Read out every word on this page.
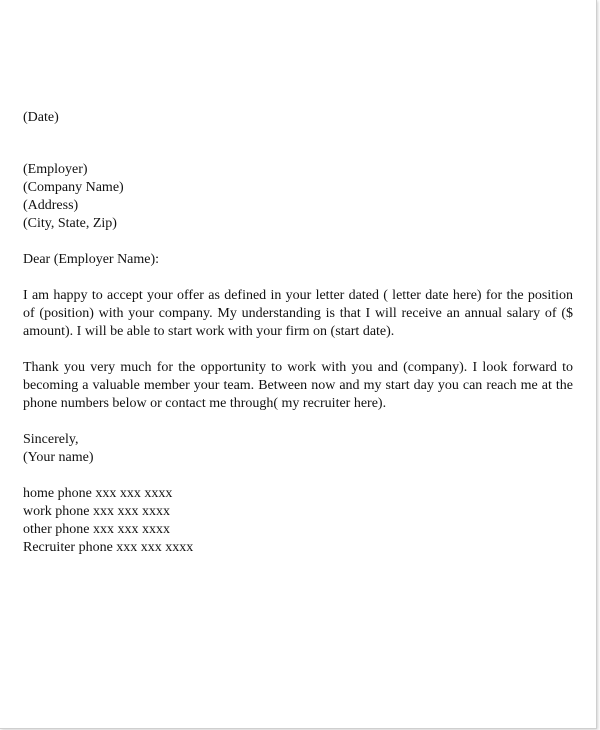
(Date)
(Employer)
(Company Name)
(Address)
(City, State, Zip)
Dear (Employer Name):
I am happy to accept your offer as defined in your letter dated ( letter date here) for the position of (position) with your company. My understanding is that I will receive an annual salary of ($ amount). I will be able to start work with your firm on (start date).
Thank you very much for the opportunity to work with you and (company). I look forward to becoming a valuable member your team. Between now and my start day you can reach me at the phone numbers below or contact me through( my recruiter here).
Sincerely,
(Your name)
home phone xxx xxx xxxx
work phone xxx xxx xxxx
other phone xxx xxx xxxx
Recruiter phone xxx xxx xxxx
